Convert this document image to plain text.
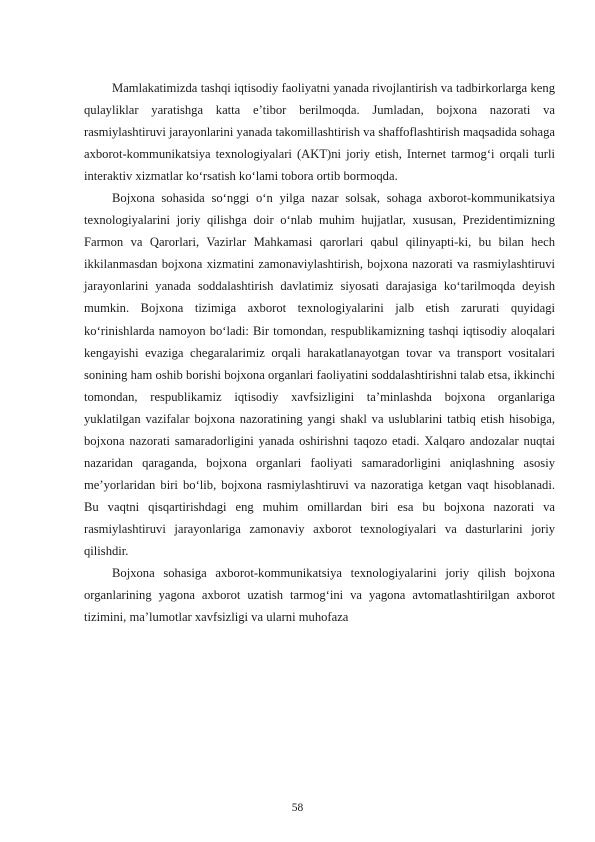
Mamlakatimizda tashqi iqtisodiy faoliyatni yanada rivojlantirish va tadbirkorlarga keng qulayliklar yaratishga katta e’tibor berilmoqda. Jumladan, bojxona nazorati va rasmiylashtiruvi jarayonlarini yanada takomillashtirish va shaffoflashtirish maqsadida sohaga axborot-kommunikatsiya texnologiyalari (AKT)ni joriy etish, Internet tarmog‘i orqali turli interaktiv xizmatlar ko‘rsatish ko‘lami tobora ortib bormoqda.

Bojxona sohasida so‘nggi o‘n yilga nazar solsak, sohaga axborot-kommunikatsiya texnologiyalarini joriy qilishga doir o‘nlab muhim hujjatlar, xususan, Prezidentimizning Farmon va Qarorlari, Vazirlar Mahkamasi qarorlari qabul qilinyapti-ki, bu bilan hech ikkilanmasdan bojxona xizmatini zamonaviylashtirish, bojxona nazorati va rasmiylashtiruvi jarayonlarini yanada soddalashtirish davlatimiz siyosati darajasiga ko‘tarilmoqda deyish mumkin. Bojxona tizimiga axborot texnologiyalarini jalb etish zarurati quyidagi ko‘rinishlarda namoyon bo‘ladi: Bir tomondan, respublikamizning tashqi iqtisodiy aloqalari kengayishi evaziga chegaralarimiz orqali harakatlanayotgan tovar va transport vositalari sonining ham oshib borishi bojxona organlari faoliyatini soddalashtirishni talab etsa, ikkinchi tomondan, respublikamiz iqtisodiy xavfsizligini ta’minlashda bojxona organlariga yuklatilgan vazifalar bojxona nazoratining yangi shakl va uslublarini tatbiq etish hisobiga, bojxona nazorati samaradorligini yanada oshirishni taqozo etadi. Xalqaro andozalar nuqtai nazaridan qaraganda, bojxona organlari faoliyati samaradorligini aniqlashning asosiy me’yorlaridan biri bo‘lib, bojxona rasmiylashtiruvi va nazoratiga ketgan vaqt hisoblanadi. Bu vaqtni qisqartirishdagi eng muhim omillardan biri esa bu bojxona nazorati va rasmiylashtiruvi jarayonlariga zamonaviy axborot texnologiyalari va dasturlarini joriy qilishdir.

Bojxona sohasiga axborot-kommunikatsiya texnologiyalarini joriy qilish bojxona organlarining yagona axborot uzatish tarmog‘ini va yagona avtomatlashtirilgan axborot tizimini, ma’lumotlar xavfsizligi va ularni muhofaza

58
